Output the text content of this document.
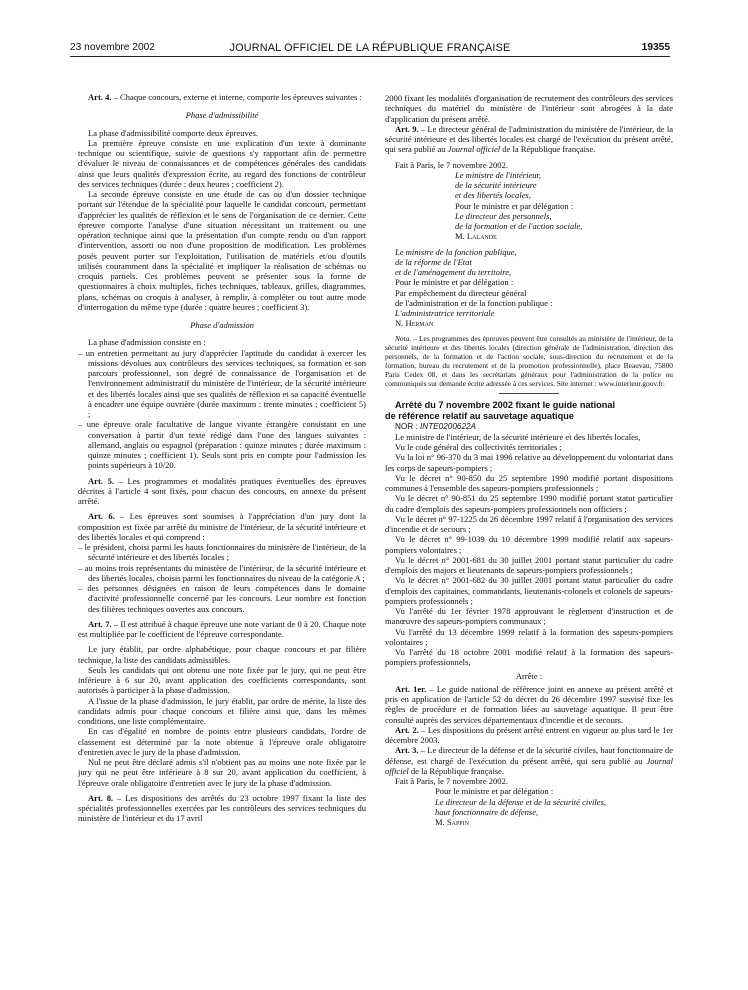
23 novembre 2002	JOURNAL OFFICIEL DE LA RÉPUBLIQUE FRANÇAISE	19355

Art. 4. – Chaque concours, externe et interne, comporte les épreuves suivantes :

Phase d'admissibilité

La phase d'admissibilité comporte deux épreuves.

La première épreuve consiste en une explication d'un texte à dominante technique ou scientifique, suivie de questions s'y rapportant afin de permettre d'évaluer le niveau de connaissances et de compétences générales des candidats ainsi que leurs qualités d'expression écrite, au regard des fonctions de contrôleur des services techniques (durée : deux heures ; coefficient 2).

La seconde épreuve consiste en une étude de cas ou d'un dossier technique portant sur l'étendue de la spécialité pour laquelle le candidat concourt, permettant d'apprécier les qualités de réflexion et le sens de l'organisation de ce dernier. Cette épreuve comporte l'analyse d'une situation nécessitant un traitement ou une opération technique ainsi que la présentation d'un compte rendu ou d'un rapport d'intervention, assorti ou non d'une proposition de modification. Les problèmes posés peuvent porter sur l'exploitation, l'utilisation de matériels et/ou d'outils utilisés couramment dans la spécialité et impliquer la réalisation de schémas ou croquis partiels. Ces problèmes peuvent se présenter sous la forme de questionnaires à choix multiples, fiches techniques, tableaux, grilles, diagrammes, plans, schémas ou croquis à analyser, à remplir, à compléter ou tout autre mode d'interrogation du même type (durée : quatre heures ; coefficient 3).

Phase d'admission

La phase d'admission consiste en :

– un entretien permettant au jury d'apprécier l'aptitude du candidat à exercer les missions dévolues aux contrôleurs des services techniques, sa formation et son parcours professionnel, son degré de connaissance de l'organisation et de l'environnement administratif du ministère de l'intérieur, de la sécurité intérieure et des libertés locales ainsi que ses qualités de réflexion et sa capacité éventuelle à encadrer une équipe ouvrière (durée maximum : trente minutes ; coefficient 5) ;
– une épreuve orale facultative de langue vivante étrangère consistant en une conversation à partir d'un texte rédigé dans l'une des langues suivantes : allemand, anglais ou espagnol (préparation : quinze minutes ; durée maximum : quinze minutes ; coefficient 1). Seuls sont pris en compte pour l'admission les points supérieurs à 10/20.

Art. 5. – Les programmes et modalités pratiques éventuelles des épreuves décrites à l'article 4 sont fixés, pour chacun des concours, en annexe du présent arrêté.

Art. 6. – Les épreuves sont soumises à l'appréciation d'un jury dont la composition est fixée par arrêté du ministre de l'intérieur, de la sécurité intérieure et des libertés locales et qui comprend :

– le président, choisi parmi les hauts fonctionnaires du ministère de l'intérieur, de la sécurité intérieure et des libertés locales ;
– au moins trois représentants du ministère de l'intérieur, de la sécurité intérieure et des libertés locales, choisis parmi les fonctionnaires du niveau de la catégorie A ;
– des personnes désignées en raison de leurs compétences dans le domaine d'activité professionnelle concerné par les concours. Leur nombre est fonction des filières techniques ouvertes aux concours.

Art. 7. – Il est attribué à chaque épreuve une note variant de 0 à 20. Chaque note est multipliée par le coefficient de l'épreuve correspondante.

Le jury établit, par ordre alphabétique, pour chaque concours et par filière technique, la liste des candidats admissibles.

Seuls les candidats qui ont obtenu une note fixée par le jury, qui ne peut être inférieure à 6 sur 20, avant application des coefficients correspondants, sont autorisés à participer à la phase d'admission.

A l'issue de la phase d'admission, le jury établit, par ordre de mérite, la liste des candidats admis pour chaque concours et filière ainsi que, dans les mêmes conditions, une liste complémentaire.

En cas d'égalité en nombre de points entre plusieurs candidats, l'ordre de classement est déterminé par la note obtenue à l'épreuve orale obligatoire d'entretien avec le jury de la phase d'admission.

Nul ne peut être déclaré admis s'il n'obtient pas au moins une note fixée par le jury qui ne peut être inférieure à 8 sur 20, avant application du coefficient, à l'épreuve orale obligatoire d'entretien avec le jury de la phase d'admission.

Art. 8. – Les dispositions des arrêtés du 23 octobre 1997 fixant la liste des spécialités professionnelles exercées par les contrôleurs des services techniques du ministère de l'intérieur et du 17 avril

2000 fixant les modalités d'organisation de recrutement des contrôleurs des services techniques du matériel du ministère de l'intérieur sont abrogées à la date d'application du présent arrêté.

Art. 9. – Le directeur général de l'administration du ministère de l'intérieur, de la sécurité intérieure et des libertés locales est chargé de l'exécution du présent arrêté, qui sera publié au Journal officiel de la République française.

Fait à Paris, le 7 novembre 2002.

Le ministre de l'intérieur,

de la sécurité intérieure

et des libertés locales,

Pour le ministre et par délégation :

Le directeur des personnels,

de la formation et de l'action sociale,

M. Lalande

Le ministre de la fonction publique,

de la réforme de l'Etat

et de l'aménagement du territoire,

Pour le ministre et par délégation :

Par empêchement du directeur général

de l'administration et de la fonction publique :

L'administratrice territoriale

N. Herman

Nota. – Les programmes des épreuves peuvent être consultés au ministère de l'intérieur, de la sécurité intérieure et des libertés locales (direction générale de l'administration, direction des personnels, de la formation et de l'action sociale, sous-direction du recrutement et de la formation, bureau du recrutement et de la promotion professionnelle), place Beauvau, 75800 Paris Cedex 08, et dans les secrétariats généraux pour l'administration de la police ou communiqués sur demande écrite adressée à ces services. Site internet : www.interieur.gouv.fr.

Arrêté du 7 novembre 2002 fixant le guide national
de référence relatif au sauvetage aquatique

NOR : INTE0200622A

Le ministre de l'intérieur, de la sécurité intérieure et des libertés locales,

Vu le code général des collectivités territoriales ;

Vu la loi n° 96-370 du 3 mai 1996 relative au développement du volontariat dans les corps de sapeurs-pompiers ;

Vu le décret n° 90-850 du 25 septembre 1990 modifié portant dispositions communes à l'ensemble des sapeurs-pompiers professionnels ;

Vu le décret n° 90-851 du 25 septembre 1990 modifié portant statut particulier du cadre d'emplois des sapeurs-pompiers professionnels non officiers ;

Vu le décret n° 97-1225 du 26 décembre 1997 relatif à l'organisation des services d'incendie et de secours ;

Vu le décret n° 99-1039 du 10 décembre 1999 modifié relatif aux sapeurs-pompiers volontaires ;

Vu le décret n° 2001-681 du 30 juillet 2001 portant statut particulier du cadre d'emplois des majors et lieutenants de sapeurs-pompiers professionnels ;

Vu le décret n° 2001-682 du 30 juillet 2001 portant statut particulier du cadre d'emplois des capitaines, commandants, lieutenants-colonels et colonels de sapeurs-pompiers professionnels ;

Vu l'arrêté du 1er février 1978 approuvant le règlement d'instruction et de manœuvre des sapeurs-pompiers communaux ;

Vu l'arrêté du 13 décembre 1999 relatif à la formation des sapeurs-pompiers volontaires ;

Vu l'arrêté du 18 octobre 2001 modifié relatif à la formation des sapeurs-pompiers professionnels,

Arrête :

Art. 1er. – Le guide national de référence joint en annexe au présent arrêté et pris en application de l'article 52 du décret du 26 décembre 1997 susvisé fixe les règles de procédure et de formation liées au sauvetage aquatique. Il peut être consulté auprès des services départementaux d'incendie et de secours.

Art. 2. – Les dispositions du présent arrêté entrent en vigueur au plus tard le 1er décembre 2003.

Art. 3. – Le directeur de la défense et de la sécurité civiles, haut fonctionnaire de défense, est chargé de l'exécution du présent arrêté, qui sera publié au Journal officiel de la République française.

Fait à Paris, le 7 novembre 2002.

Pour le ministre et par délégation :

Le directeur de la défense et de la sécurité civiles,

haut fonctionnaire de défense,

M. Sappin
